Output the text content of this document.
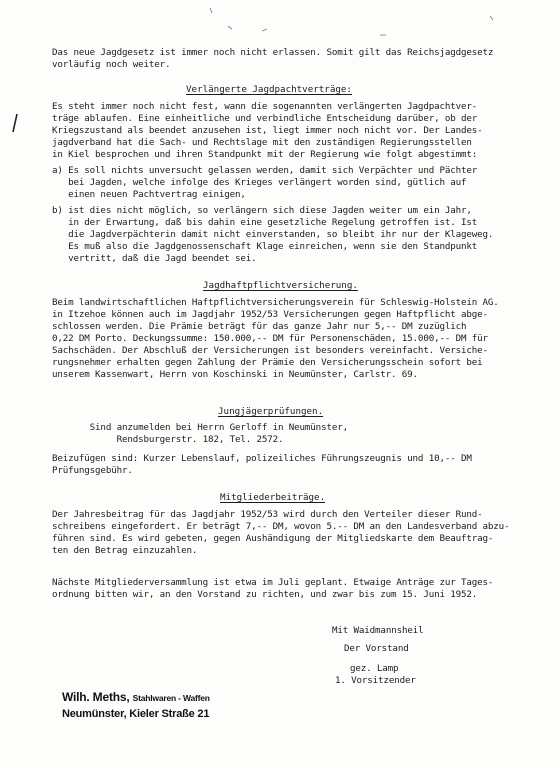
Das neue Jagdgesetz ist immer noch nicht erlassen. Somit gilt das Reichsjagdgesetz
vorläufig noch weiter.
Verlängerte Jagdpachtverträge:
Es steht immer noch nicht fest, wann die sogenannten verlängerten Jagdpachtver-
träge ablaufen. Eine einheitliche und verbindliche Entscheidung darüber, ob der
Kriegszustand als beendet anzusehen ist, liegt immer noch nicht vor. Der Landes-
jagdverband hat die Sach- und Rechtslage mit den zuständigen Regierungsstellen
in Kiel besprochen und ihren Standpunkt mit der Regierung wie folgt abgestimmt:
a) Es soll nichts unversucht gelassen werden, damit sich Verpächter und Pächter
bei Jagden, welche infolge des Krieges verlängert worden sind, gütlich auf
einen neuen Pachtvertrag einigen,
b) ist dies nicht möglich, so verlängern sich diese Jagden weiter um ein Jahr,
in der Erwartung, daß bis dahin eine gesetzliche Regelung getroffen ist. Ist
die Jagdverpächterin damit nicht einverstanden, so bleibt ihr nur der Klageweg.
Es muß also die Jagdgenossenschaft Klage einreichen, wenn sie den Standpunkt
vertritt, daß die Jagd beendet sei.
Jagdhaftpflichtversicherung.
Beim landwirtschaftlichen Haftpflichtversicherungsverein für Schleswig-Holstein AG.
in Itzehoe können auch im Jagdjahr 1952/53 Versicherungen gegen Haftpflicht abge-
schlossen werden. Die Prämie beträgt für das ganze Jahr nur 5,-- DM zuzüglich
0,22 DM Porto. Deckungssumme: 150.000,-- DM für Personenschäden, 15.000,-- DM für
Sachschäden. Der Abschluß der Versicherungen ist besonders vereinfacht. Versiche-
rungsnehmer erhalten gegen Zahlung der Prämie den Versicherungsschein sofort bei
unserem Kassenwart, Herrn von Koschinski in Neumünster, Carlstr. 69.
Jungjägerprüfungen.
Sind anzumelden bei Herrn Gerloff in Neumünster,
Rendsburgerstr. 182, Tel. 2572.
Beizufügen sind: Kurzer Lebenslauf, polizeiliches Führungszeugnis und 10,-- DM
Prüfungsgebühr.
Mitgliederbeiträge.
Der Jahresbeitrag für das Jagdjahr 1952/53 wird durch den Verteiler dieser Rund-
schreibens eingefordert. Er beträgt 7,-- DM, wovon 5.-- DM an den Landesverband abzu-
führen sind. Es wird gebeten, gegen Aushändigung der Mitgliedskarte dem Beauftrag-
ten den Betrag einzuzahlen.
Nächste Mitgliederversammlung ist etwa im Juli geplant. Etwaige Anträge zur Tages-
ordnung bitten wir, an den Vorstand zu richten, und zwar bis zum 15. Juni 1952.
Mit Waidmannsheil
Der Vorstand
gez. Lamp
1. Vorsitzender
Wilh. Meths, Stahlwaren - Waffen
Neumünster, Kieler Straße 21
